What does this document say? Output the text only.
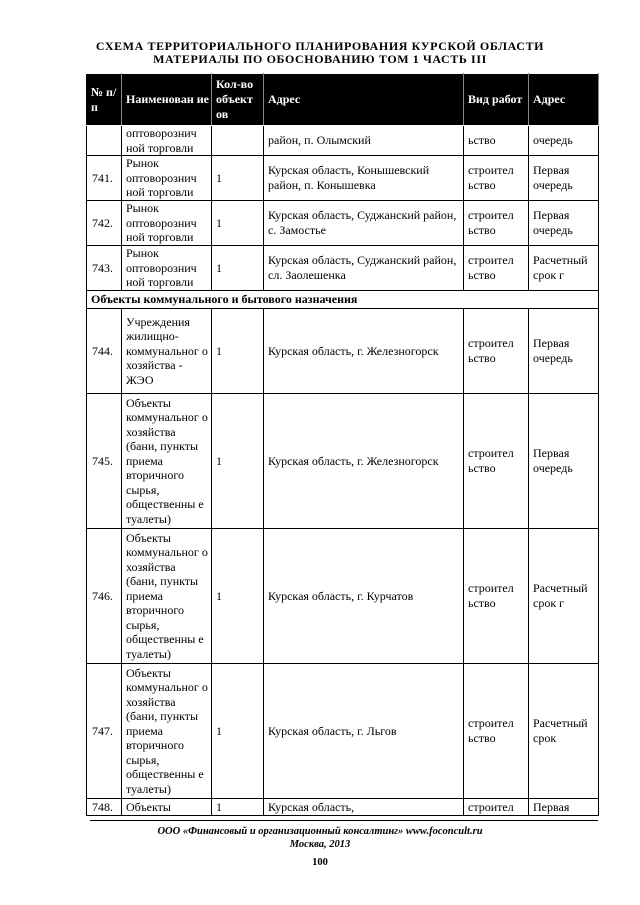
СХЕМА ТЕРРИТОРИАЛЬНОГО ПЛАНИРОВАНИЯ КУРСКОЙ ОБЛАСТИ
МАТЕРИАЛЫ ПО ОБОСНОВАНИЮ ТОМ 1 ЧАСТЬ III
№ п/п	Наименован ие	Кол-во объект ов	Адрес	Вид работ	Адрес
	оптоворознич ной торговли		район, п. Олымский	ьство	очередь
741.	Рынок оптоворознич ной торговли	1	Курская область, Конышевский район, п. Конышевка	строител ьство	Первая очередь
742.	Рынок оптоворознич ной торговли	1	Курская область, Суджанский район, с. Замостье	строител ьство	Первая очередь
743.	Рынок оптоворознич ной торговли	1	Курская область, Суджанский район, сл. Заолешенка	строител ьство	Расчетный срок г
Объекты коммунального и бытового назначения					
744.	Учреждения жилищно-коммунальног о хозяйства - ЖЭО	1	Курская область, г. Железногорск	строител ьство	Первая очередь
745.	Объекты коммунальног о хозяйства (бани, пункты приема вторичного сырья, общественны е туалеты)	1	Курская область, г. Железногорск	строител ьство	Первая очередь
746.	Объекты коммунальног о хозяйства (бани, пункты приема вторичного сырья, общественны е туалеты)	1	Курская область, г. Курчатов	строител ьство	Расчетный срок г
747.	Объекты коммунальног о хозяйства (бани, пункты приема вторичного сырья, общественны е туалеты)	1	Курская область, г. Льгов	строител ьство	Расчетный срок
748.	Объекты	1	Курская область,	строител	Первая
ООО «Финансовый и организационный консалтинг» www.foconcult.ru
Москва, 2013
100
